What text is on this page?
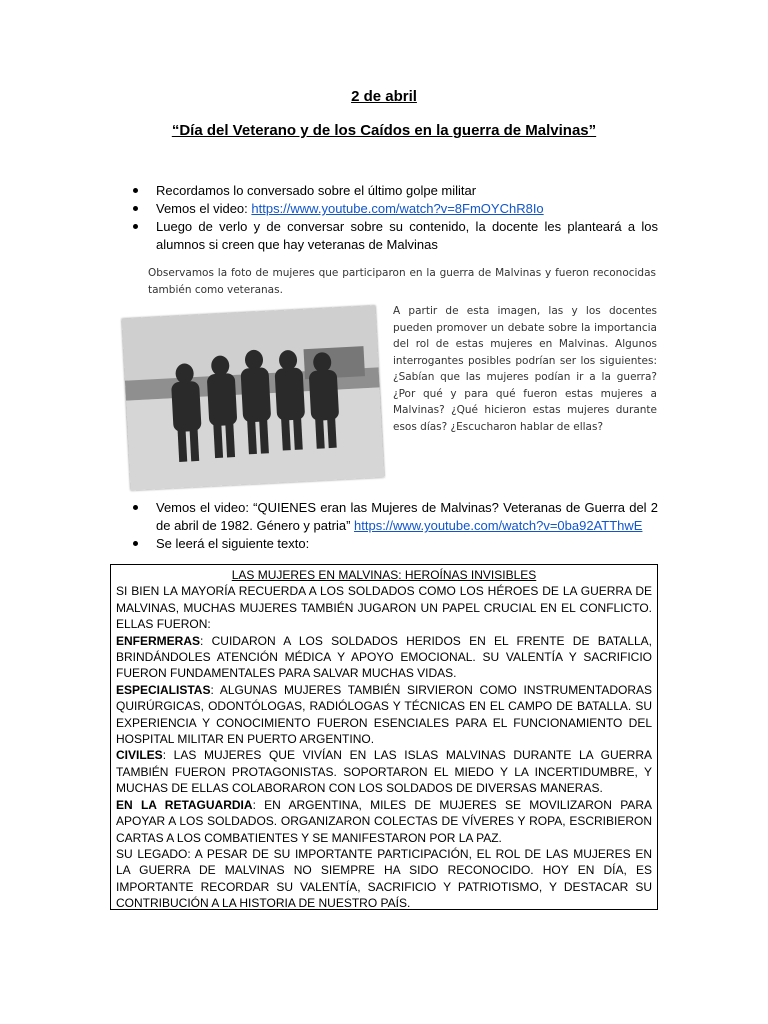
2 de abril
“Día del Veterano y de los Caídos en la guerra de Malvinas”
Recordamos lo conversado sobre el último golpe militar
Vemos el video: https://www.youtube.com/watch?v=8FmOYChR8Io
Luego de verlo y de conversar sobre su contenido, la docente les planteará a los alumnos si creen que hay veteranas de Malvinas
Observamos la foto de mujeres que participaron en la guerra de Malvinas y fueron reconocidas también como veteranas.
A partir de esta imagen, las y los docentes pueden promover un debate sobre la importancia del rol de estas mujeres en Malvinas. Algunos interrogantes posibles podrían ser los siguientes: ¿Sabían que las mujeres podían ir a la guerra? ¿Por qué y para qué fueron estas mujeres a Malvinas? ¿Qué hicieron estas mujeres durante esos días? ¿Escucharon hablar de ellas?
Vemos el video: “QUIENES eran las Mujeres de Malvinas? Veteranas de Guerra del 2 de abril de 1982. Género y patria” https://www.youtube.com/watch?v=0ba92ATThwE
Se leerá el siguiente texto:
LAS MUJERES EN MALVINAS: HEROÍNAS INVISIBLES

SI BIEN LA MAYORÍA RECUERDA A LOS SOLDADOS COMO LOS HÉROES DE LA GUERRA DE MALVINAS, MUCHAS MUJERES TAMBIÉN JUGARON UN PAPEL CRUCIAL EN EL CONFLICTO. ELLAS FUERON:

ENFERMERAS: CUIDARON A LOS SOLDADOS HERIDOS EN EL FRENTE DE BATALLA, BRINDÁNDOLES ATENCIÓN MÉDICA Y APOYO EMOCIONAL. SU VALENTÍA Y SACRIFICIO FUERON FUNDAMENTALES PARA SALVAR MUCHAS VIDAS.

ESPECIALISTAS: ALGUNAS MUJERES TAMBIÉN SIRVIERON COMO INSTRUMENTADORAS QUIRÚRGICAS, ODONTÓLOGAS, RADIÓLOGAS Y TÉCNICAS EN EL CAMPO DE BATALLA. SU EXPERIENCIA Y CONOCIMIENTO FUERON ESENCIALES PARA EL FUNCIONAMIENTO DEL HOSPITAL MILITAR EN PUERTO ARGENTINO.

CIVILES: LAS MUJERES QUE VIVÍAN EN LAS ISLAS MALVINAS DURANTE LA GUERRA TAMBIÉN FUERON PROTAGONISTAS. SOPORTARON EL MIEDO Y LA INCERTIDUMBRE, Y MUCHAS DE ELLAS COLABORARON CON LOS SOLDADOS DE DIVERSAS MANERAS.

EN LA RETAGUARDIA: EN ARGENTINA, MILES DE MUJERES SE MOVILIZARON PARA APOYAR A LOS SOLDADOS. ORGANIZARON COLECTAS DE VÍVERES Y ROPA, ESCRIBIERON CARTAS A LOS COMBATIENTES Y SE MANIFESTARON POR LA PAZ.

SU LEGADO: A PESAR DE SU IMPORTANTE PARTICIPACIÓN, EL ROL DE LAS MUJERES EN LA GUERRA DE MALVINAS NO SIEMPRE HA SIDO RECONOCIDO. HOY EN DÍA, ES IMPORTANTE RECORDAR SU VALENTÍA, SACRIFICIO Y PATRIOTISMO, Y DESTACAR SU CONTRIBUCIÓN A LA HISTORIA DE NUESTRO PAÍS.
